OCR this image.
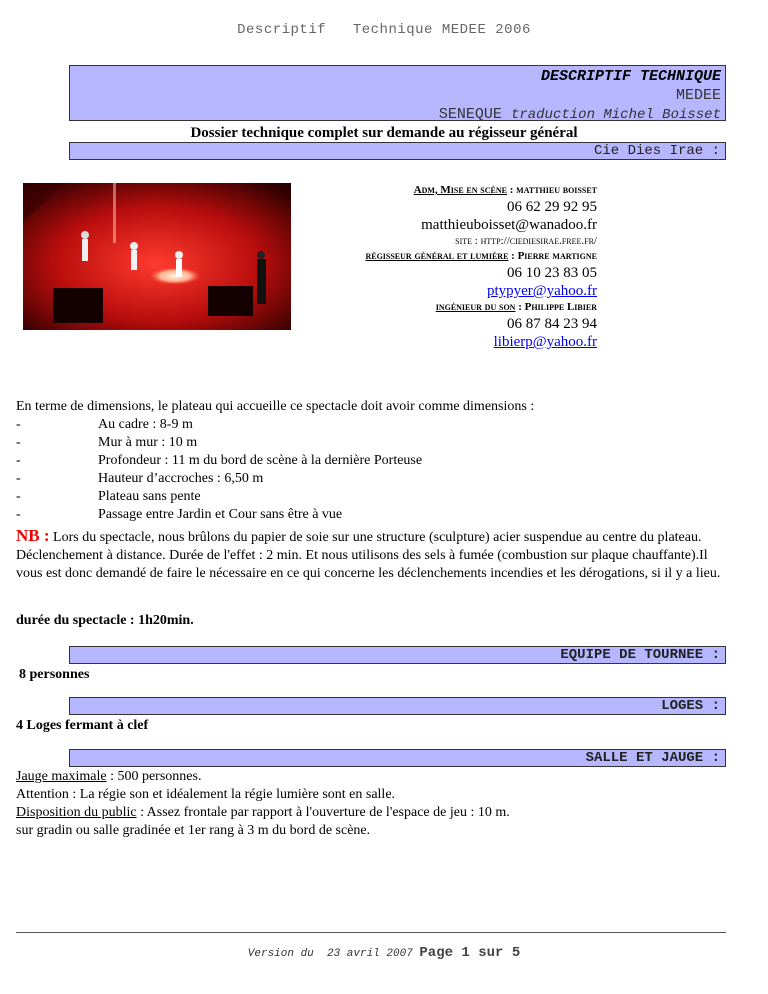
Descriptif   Technique MEDEE 2006
DESCRIPTIF TECHNIQUE
MEDEE
SENEQUE traduction Michel Boisset
Dossier technique complet sur demande au régisseur général
Cie Dies Irae :
Adm, Mise en scène : matthieu boisset
06 62 29 92 95
matthieuboisset@wanadoo.fr
site : http://ciediesirae.free.fr/
régisseur général et lumière : Pierre martigne
06 10 23 83 05
ptypyer@yahoo.fr
ingénieur du son : Philippe Libier
06 87 84 23 94
libierp@yahoo.fr
En terme de dimensions, le plateau qui accueille ce spectacle doit avoir comme dimensions :
-	Au cadre : 8-9 m
-	Mur à mur : 10 m
-	Profondeur : 11 m du bord de scène à la dernière Porteuse
-	Hauteur d’accroches : 6,50 m
-	Plateau sans pente
-	Passage entre Jardin et Cour sans être à vue
NB : Lors du spectacle, nous brûlons du papier de soie sur une structure (sculpture) acier suspendue au centre du plateau. Déclenchement à distance. Durée de l'effet : 2 min. Et nous utilisons des sels à fumée (combustion sur plaque chauffante).Il vous est donc demandé de faire le nécessaire en ce qui concerne les déclenchements incendies et les dérogations, si il y a lieu.
durée du spectacle : 1h20min.
EQUIPE DE TOURNEE :
8 personnes
LOGES :
4 Loges fermant à clef
SALLE ET JAUGE :
Jauge maximale : 500 personnes.
Attention : La régie son et idéalement la régie lumière sont en salle.
Disposition du public : Assez frontale par rapport à l'ouverture de l'espace de jeu : 10 m.
sur gradin ou salle gradinée et 1er rang à 3 m du bord de scène.
Version du  23 avril 2007 Page 1 sur 5
